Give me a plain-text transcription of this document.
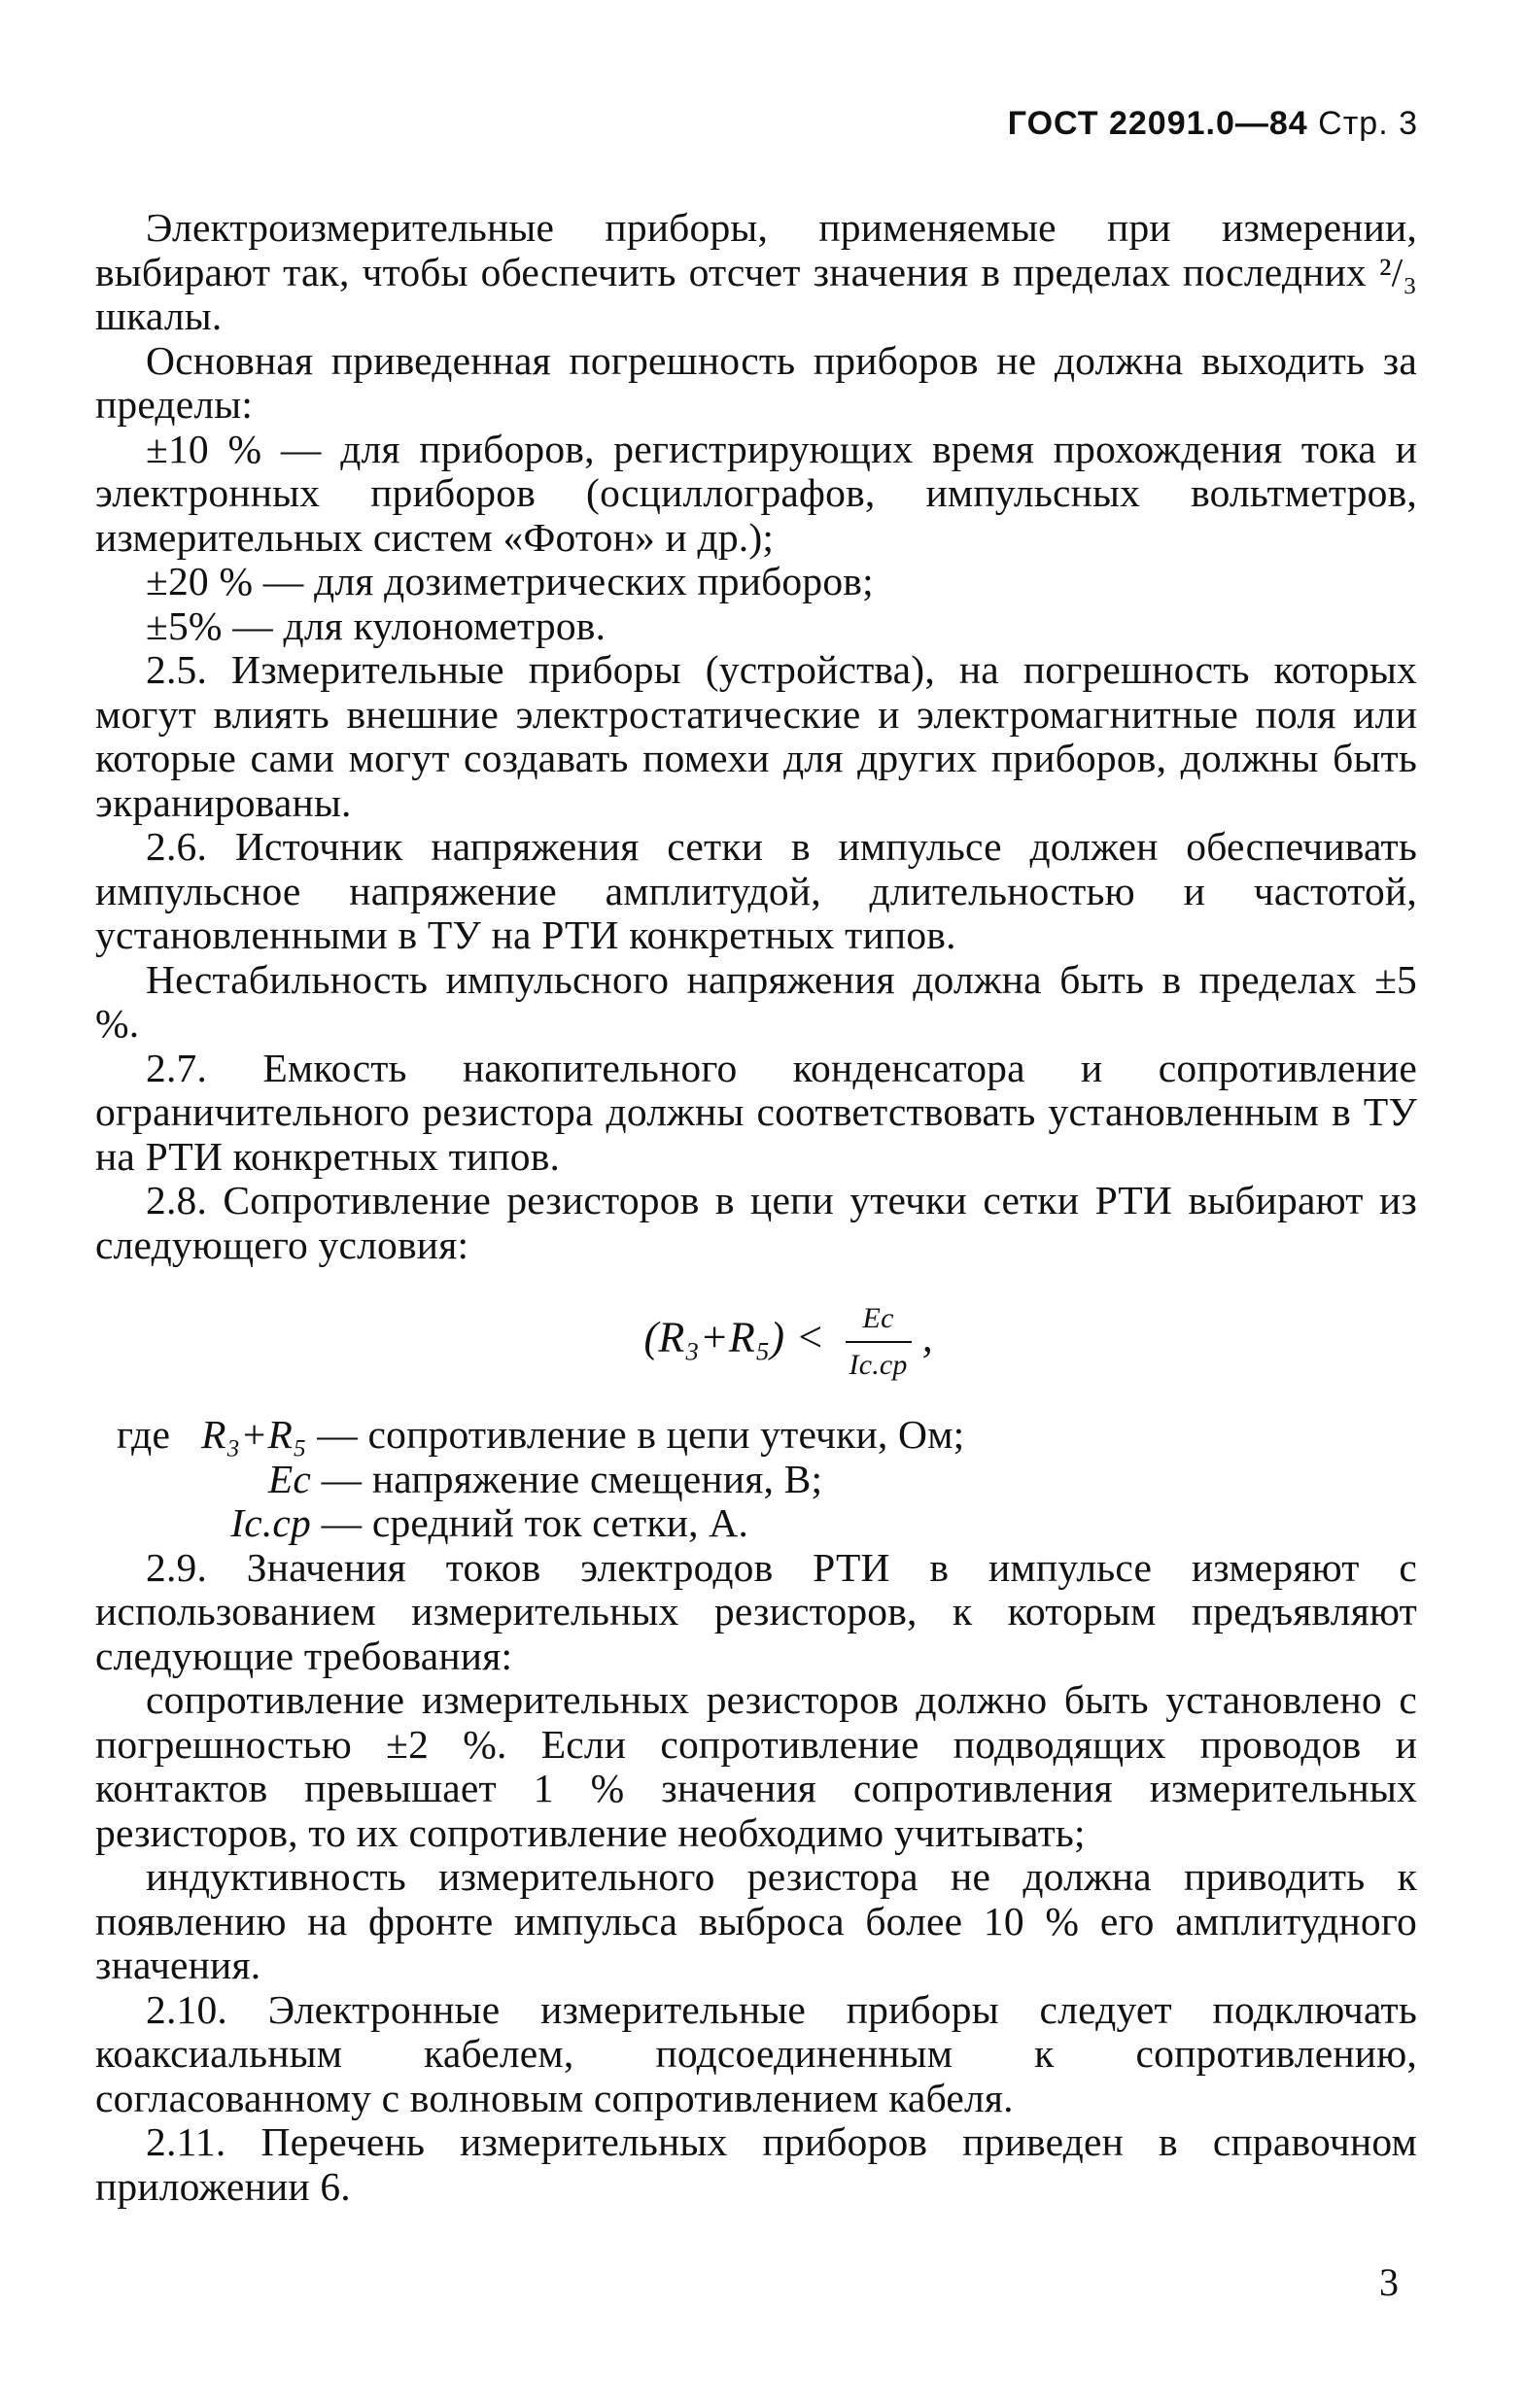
ГОСТ 22091.0—84 Стр. 3

Электроизмерительные приборы, применяемые при измерении, выбирают так, чтобы обеспечить отсчет значения в пределах последних ²/₃ шкалы.

Основная приведенная погрешность приборов не должна выходить за пределы:

±10 % — для приборов, регистрирующих время прохождения тока и электронных приборов (осциллографов, импульсных вольтметров, измерительных систем «Фотон» и др.);

±20 % — для дозиметрических приборов;

±5% — для кулонометров.

2.5. Измерительные приборы (устройства), на погрешность которых могут влиять внешние электростатические и электромагнитные поля или которые сами могут создавать помехи для других приборов, должны быть экранированы.

2.6. Источник напряжения сетки в импульсе должен обеспечивать импульсное напряжение амплитудой, длительностью и частотой, установленными в ТУ на РТИ конкретных типов.

Нестабильность импульсного напряжения должна быть в пределах ±5 %.

2.7. Емкость накопительного конденсатора и сопротивление ограничительного резистора должны соответствовать установленным в ТУ на РТИ конкретных типов.

2.8. Сопротивление резисторов в цепи утечки сетки РТИ выбирают из следующего условия:

$(R_3+R_5) < \frac{Eс}{Iс.ср}$ ,
где R₃+R₅ — сопротивление в цепи утечки, Ом;
Eс — напряжение смещения, В;
Iс.ср — средний ток сетки, А.

2.9. Значения токов электродов РТИ в импульсе измеряют с использованием измерительных резисторов, к которым предъявляют следующие требования:

сопротивление измерительных резисторов должно быть установлено с погрешностью ±2 %. Если сопротивление подводящих проводов и контактов превышает 1 % значения сопротивления измерительных резисторов, то их сопротивление необходимо учитывать;

индуктивность измерительного резистора не должна приводить к появлению на фронте импульса выброса более 10 % его амплитудного значения.

2.10. Электронные измерительные приборы следует подключать коаксиальным кабелем, подсоединенным к сопротивлению, согласованному с волновым сопротивлением кабеля.

2.11. Перечень измерительных приборов приведен в справочном приложении 6.

3
